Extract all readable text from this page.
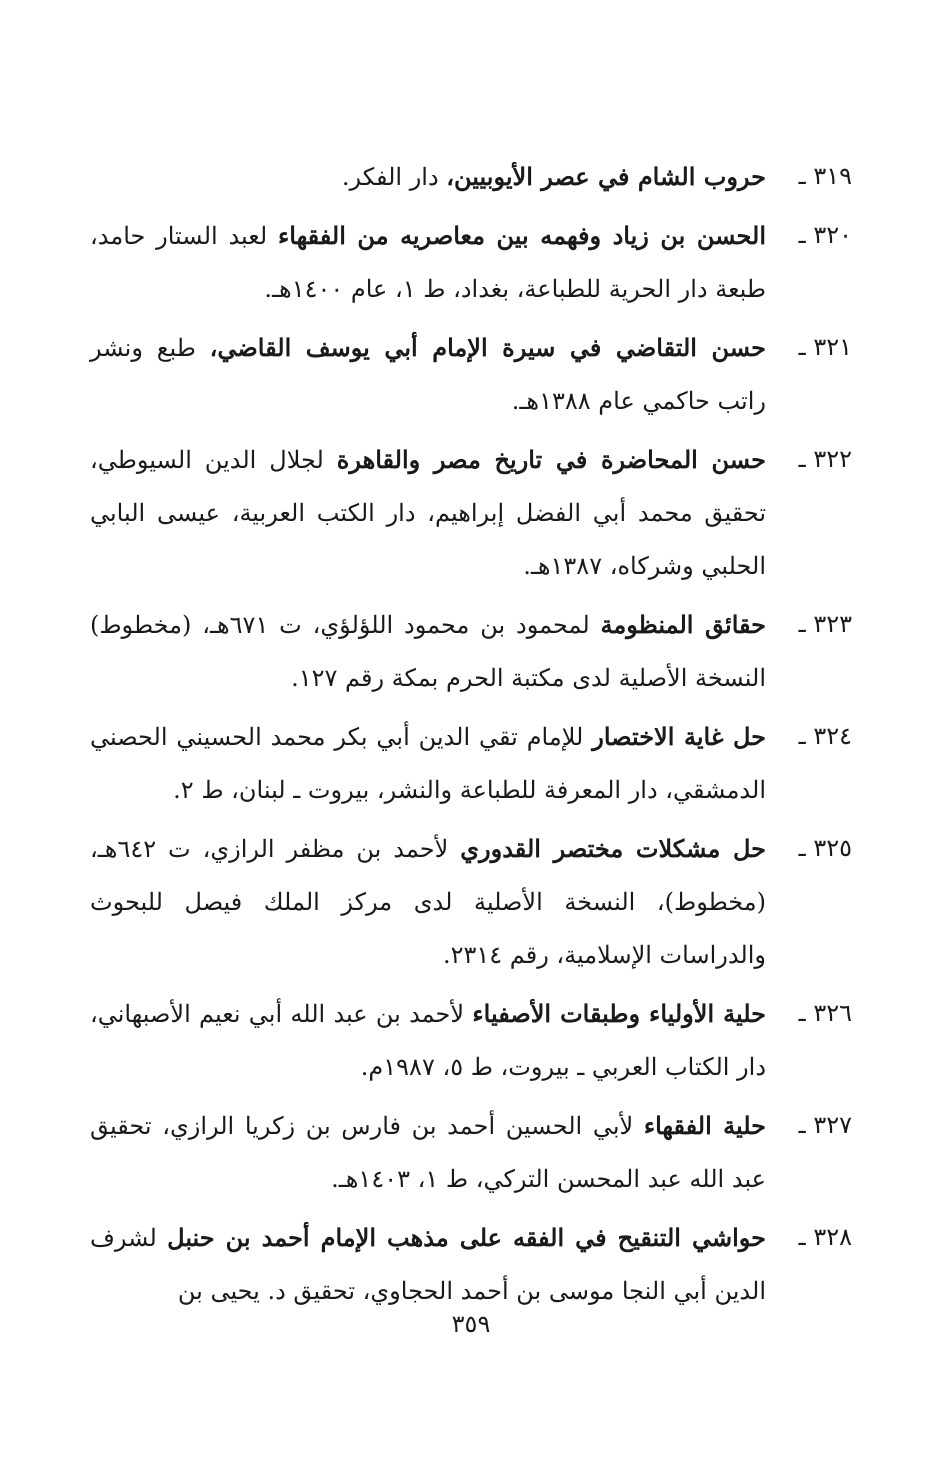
٣١٩ ـ
حروب الشام في عصر الأيوبيين، دار الفكر.
٣٢٠ ـ
الحسن بن زياد وفهمه بين معاصريه من الفقهاء لعبد الستار حامد، طبعة دار الحرية للطباعة، بغداد، ط ١، عام ١٤٠٠هـ.
٣٢١ ـ
حسن التقاضي في سيرة الإمام أبي يوسف القاضي، طبع ونشر راتب حاكمي عام ١٣٨٨هـ.
٣٢٢ ـ
حسن المحاضرة في تاريخ مصر والقاهرة لجلال الدين السيوطي، تحقيق محمد أبي الفضل إبراهيم، دار الكتب العربية، عيسى البابي الحلبي وشركاه، ١٣٨٧هـ.
٣٢٣ ـ
حقائق المنظومة لمحمود بن محمود اللؤلؤي، ت ٦٧١هـ، (مخطوط) النسخة الأصلية لدى مكتبة الحرم بمكة رقم ١٢٧.
٣٢٤ ـ
حل غاية الاختصار للإمام تقي الدين أبي بكر محمد الحسيني الحصني الدمشقي، دار المعرفة للطباعة والنشر، بيروت ـ لبنان، ط ٢.
٣٢٥ ـ
حل مشكلات مختصر القدوري لأحمد بن مظفر الرازي، ت ٦٤٢هـ، (مخطوط)، النسخة الأصلية لدى مركز الملك فيصل للبحوث والدراسات الإسلامية، رقم ٢٣١٤.
٣٢٦ ـ
حلية الأولياء وطبقات الأصفياء لأحمد بن عبد الله أبي نعيم الأصبهاني، دار الكتاب العربي ـ بيروت، ط ٥، ١٩٨٧م.
٣٢٧ ـ
حلية الفقهاء لأبي الحسين أحمد بن فارس بن زكريا الرازي، تحقيق عبد الله عبد المحسن التركي، ط ١، ١٤٠٣هـ.
٣٢٨ ـ
حواشي التنقيح في الفقه على مذهب الإمام أحمد بن حنبل لشرف الدين أبي النجا موسى بن أحمد الحجاوي، تحقيق د. يحيى بن
٣٥٩
